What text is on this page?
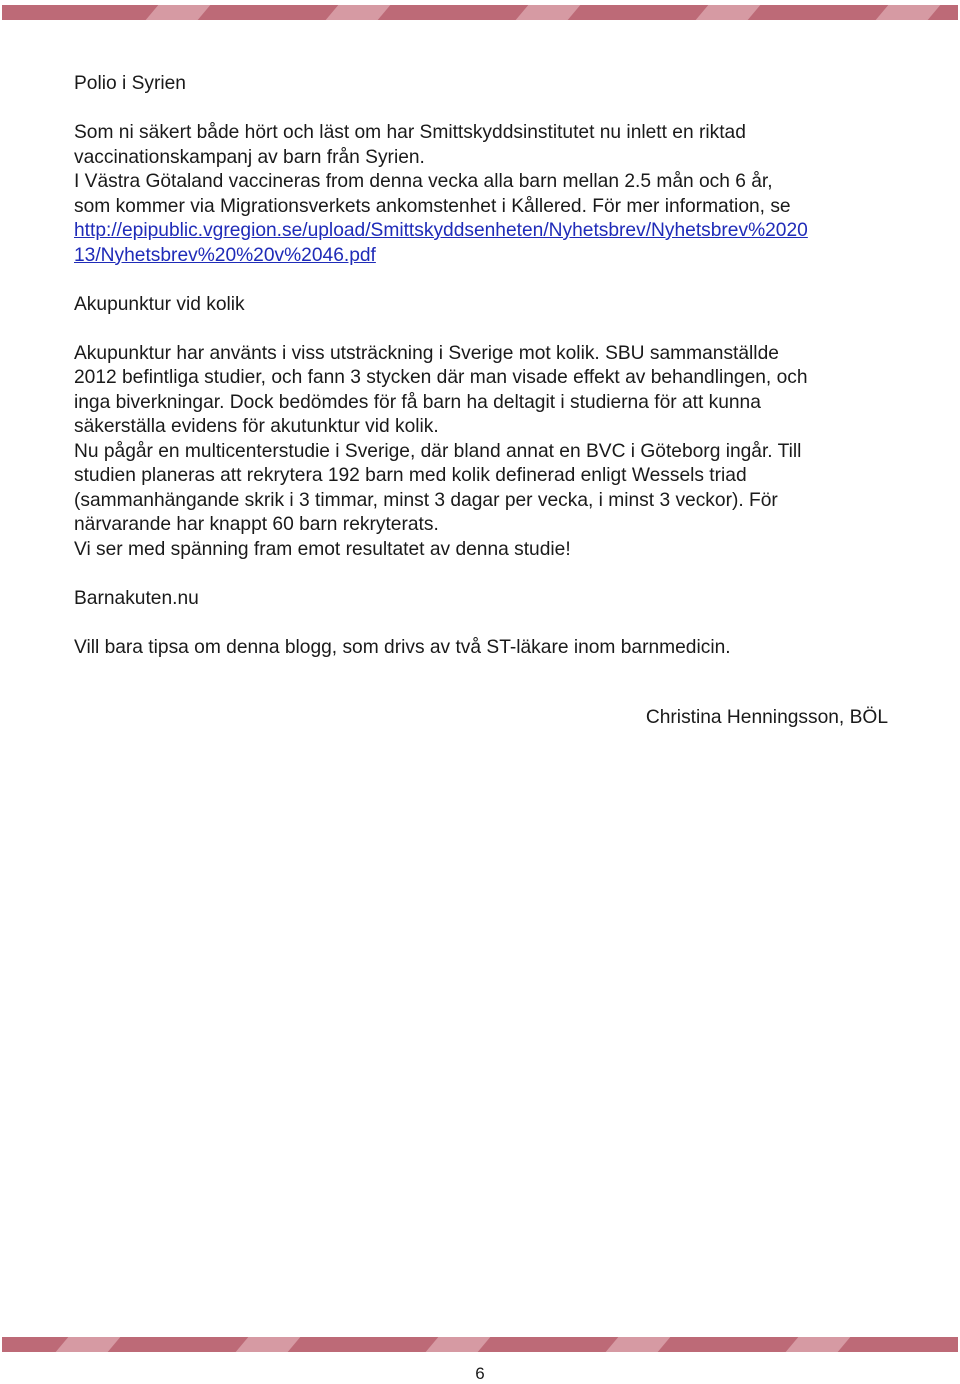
Polio i Syrien
Som ni säkert både hört och läst om har Smittskyddsinstitutet nu inlett en riktad
vaccinationskampanj av barn från Syrien.
I Västra Götaland vaccineras from denna vecka alla barn mellan 2.5 mån och 6 år,
som kommer via Migrationsverkets ankomstenhet i Kållered. För mer information, se
http://epipublic.vgregion.se/upload/Smittskyddsenheten/Nyhetsbrev/Nyhetsbrev%2020
13/Nyhetsbrev%20%20v%2046.pdf
Akupunktur vid kolik
Akupunktur har använts i viss utsträckning i Sverige mot kolik. SBU sammanställde
2012 befintliga studier, och fann 3 stycken där man visade effekt av behandlingen, och
inga biverkningar. Dock bedömdes för få barn ha deltagit i studierna för att kunna
säkerställa evidens för akutunktur vid kolik.
Nu pågår en multicenterstudie i Sverige, där bland annat en BVC i Göteborg ingår. Till
studien planeras att rekrytera 192 barn med kolik definerad enligt Wessels triad
(sammanhängande skrik i 3 timmar, minst 3 dagar per vecka, i minst 3 veckor). För
närvarande har knappt 60 barn rekryterats.
Vi ser med spänning fram emot resultatet av denna studie!
Barnakuten.nu
Vill bara tipsa om denna blogg, som drivs av två ST-läkare inom barnmedicin.
Christina Henningsson, BÖL
6
